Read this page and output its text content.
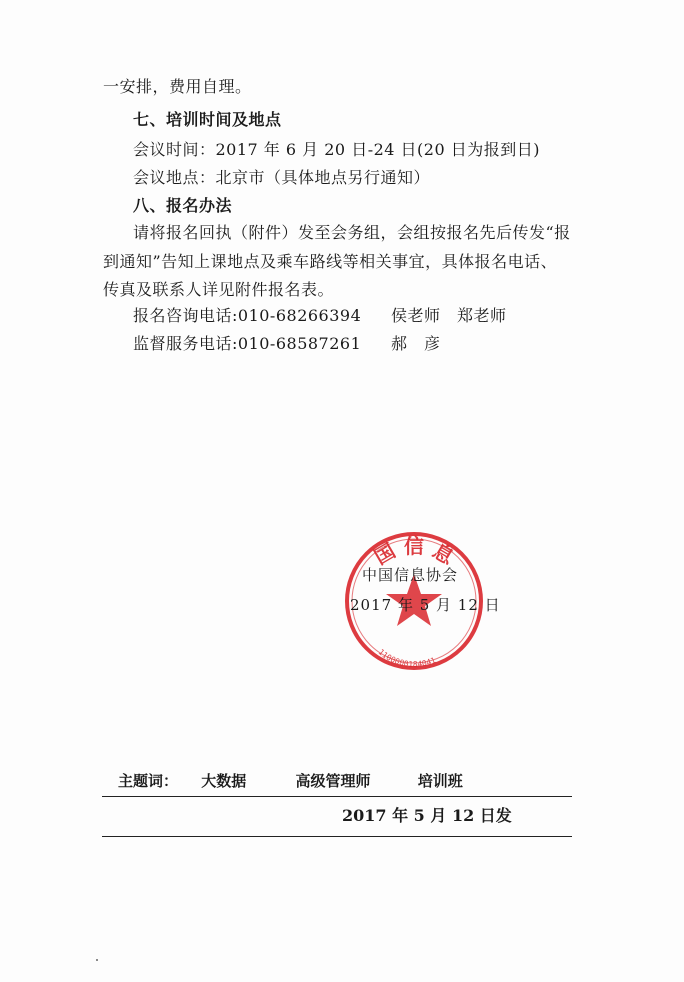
一安排，费用自理。
七、培训时间及地点
会议时间：2017 年 6 月 20 日-24 日(20 日为报到日)
会议地点：北京市（具体地点另行通知）
八、报名办法
请将报名回执（附件）发至会务组，会组按报名先后传发“报
到通知”告知上课地点及乘车路线等相关事宜，具体报名电话、
传真及联系人详见附件报名表。
报名咨询电话:010-68266394 侯老师　郑老师
监督服务电话:010-68587261 郝　彦
国 信 息
1100000184041
中国信息协会
2017 年 5 月 12 日
主题词： 大数据	高级管理师	培训班
2017 年 5 月 12 日发
